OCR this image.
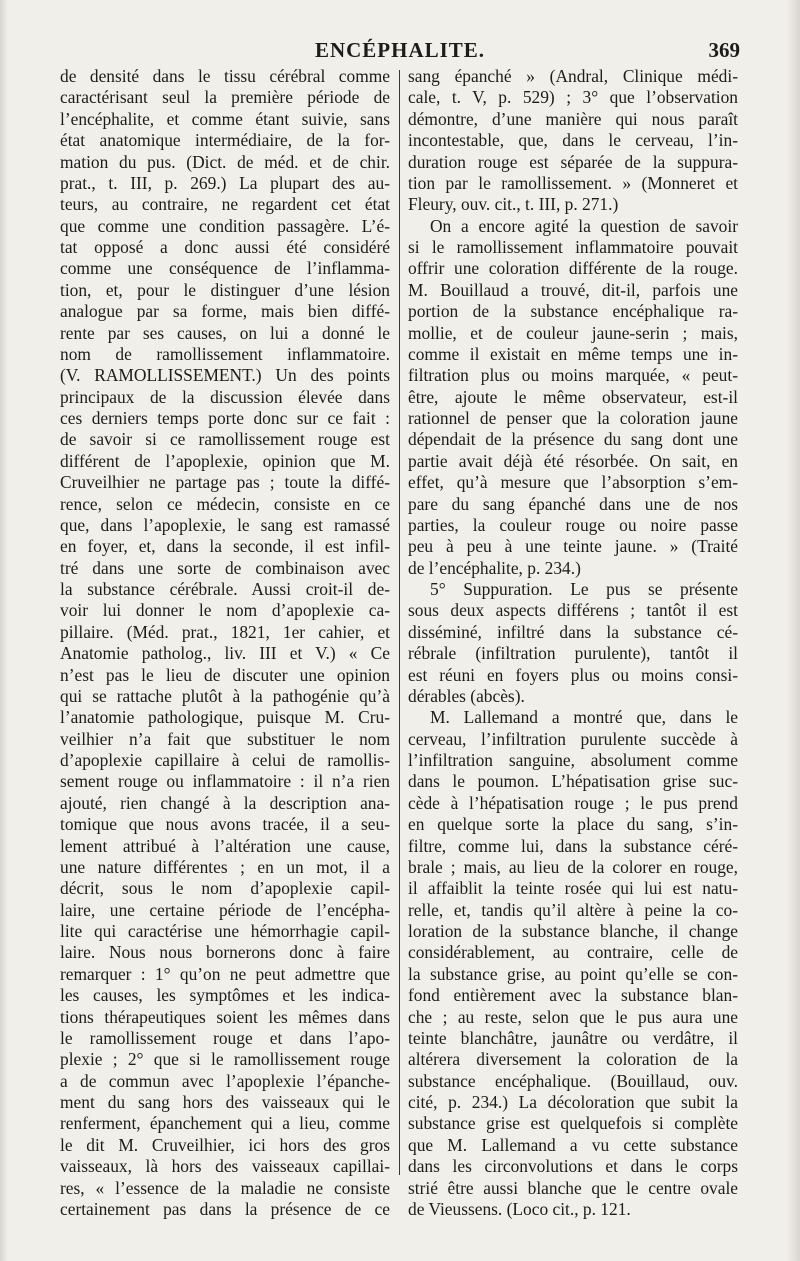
ENCÉPHALITE.	369
de densité dans le tissu cérébral comme
caractérisant seul la première période de
l’encéphalite, et comme étant suivie, sans
état anatomique intermédiaire, de la for-
mation du pus. (Dict. de méd. et de chir.
prat., t. III, p. 269.) La plupart des au-
teurs, au contraire, ne regardent cet état
que comme une condition passagère. L’é-
tat opposé a donc aussi été considéré
comme une conséquence de l’inflamma-
tion, et, pour le distinguer d’une lésion
analogue par sa forme, mais bien diffé-
rente par ses causes, on lui a donné le
nom de ramollissement inflammatoire.
(V. RAMOLLISSEMENT.) Un des points
principaux de la discussion élevée dans
ces derniers temps porte donc sur ce fait :
de savoir si ce ramollissement rouge est
différent de l’apoplexie, opinion que M.
Cruveilhier ne partage pas ; toute la diffé-
rence, selon ce médecin, consiste en ce
que, dans l’apoplexie, le sang est ramassé
en foyer, et, dans la seconde, il est infil-
tré dans une sorte de combinaison avec
la substance cérébrale. Aussi croit-il de-
voir lui donner le nom d’apoplexie ca-
pillaire. (Méd. prat., 1821, 1er cahier, et
Anatomie patholog., liv. III et V.) « Ce
n’est pas le lieu de discuter une opinion
qui se rattache plutôt à la pathogénie qu’à
l’anatomie pathologique, puisque M. Cru-
veilhier n’a fait que substituer le nom
d’apoplexie capillaire à celui de ramollis-
sement rouge ou inflammatoire : il n’a rien
ajouté, rien changé à la description ana-
tomique que nous avons tracée, il a seu-
lement attribué à l’altération une cause,
une nature différentes ; en un mot, il a
décrit, sous le nom d’apoplexie capil-
laire, une certaine période de l’encépha-
lite qui caractérise une hémorrhagie capil-
laire. Nous nous bornerons donc à faire
remarquer : 1° qu’on ne peut admettre que
les causes, les symptômes et les indica-
tions thérapeutiques soient les mêmes dans
le ramollissement rouge et dans l’apo-
plexie ; 2° que si le ramollissement rouge
a de commun avec l’apoplexie l’épanche-
ment du sang hors des vaisseaux qui le
renferment, épanchement qui a lieu, comme
le dit M. Cruveilhier, ici hors des gros
vaisseaux, là hors des vaisseaux capillai-
res, « l’essence de la maladie ne consiste
certainement pas dans la présence de ce
sang épanché » (Andral, Clinique médi-
cale, t. V, p. 529) ; 3° que l’observation
démontre, d’une manière qui nous paraît
incontestable, que, dans le cerveau, l’in-
duration rouge est séparée de la suppura-
tion par le ramollissement. » (Monneret et
Fleury, ouv. cit., t. III, p. 271.)
On a encore agité la question de savoir
si le ramollissement inflammatoire pouvait
offrir une coloration différente de la rouge.
M. Bouillaud a trouvé, dit-il, parfois une
portion de la substance encéphalique ra-
mollie, et de couleur jaune-serin ; mais,
comme il existait en même temps une in-
filtration plus ou moins marquée, « peut-
être, ajoute le même observateur, est-il
rationnel de penser que la coloration jaune
dépendait de la présence du sang dont une
partie avait déjà été résorbée. On sait, en
effet, qu’à mesure que l’absorption s’em-
pare du sang épanché dans une de nos
parties, la couleur rouge ou noire passe
peu à peu à une teinte jaune. » (Traité
de l’encéphalite, p. 234.)
5° Suppuration. Le pus se présente
sous deux aspects différens ; tantôt il est
disséminé, infiltré dans la substance cé-
rébrale (infiltration purulente), tantôt il
est réuni en foyers plus ou moins consi-
dérables (abcès).
M. Lallemand a montré que, dans le
cerveau, l’infiltration purulente succède à
l’infiltration sanguine, absolument comme
dans le poumon. L’hépatisation grise suc-
cède à l’hépatisation rouge ; le pus prend
en quelque sorte la place du sang, s’in-
filtre, comme lui, dans la substance céré-
brale ; mais, au lieu de la colorer en rouge,
il affaiblit la teinte rosée qui lui est natu-
relle, et, tandis qu’il altère à peine la co-
loration de la substance blanche, il change
considérablement, au contraire, celle de
la substance grise, au point qu’elle se con-
fond entièrement avec la substance blan-
che ; au reste, selon que le pus aura une
teinte blanchâtre, jaunâtre ou verdâtre, il
altérera diversement la coloration de la
substance encéphalique. (Bouillaud, ouv.
cité, p. 234.) La décoloration que subit la
substance grise est quelquefois si complète
que M. Lallemand a vu cette substance
dans les circonvolutions et dans le corps
strié être aussi blanche que le centre ovale
de Vieussens. (Loco cit., p. 121.
